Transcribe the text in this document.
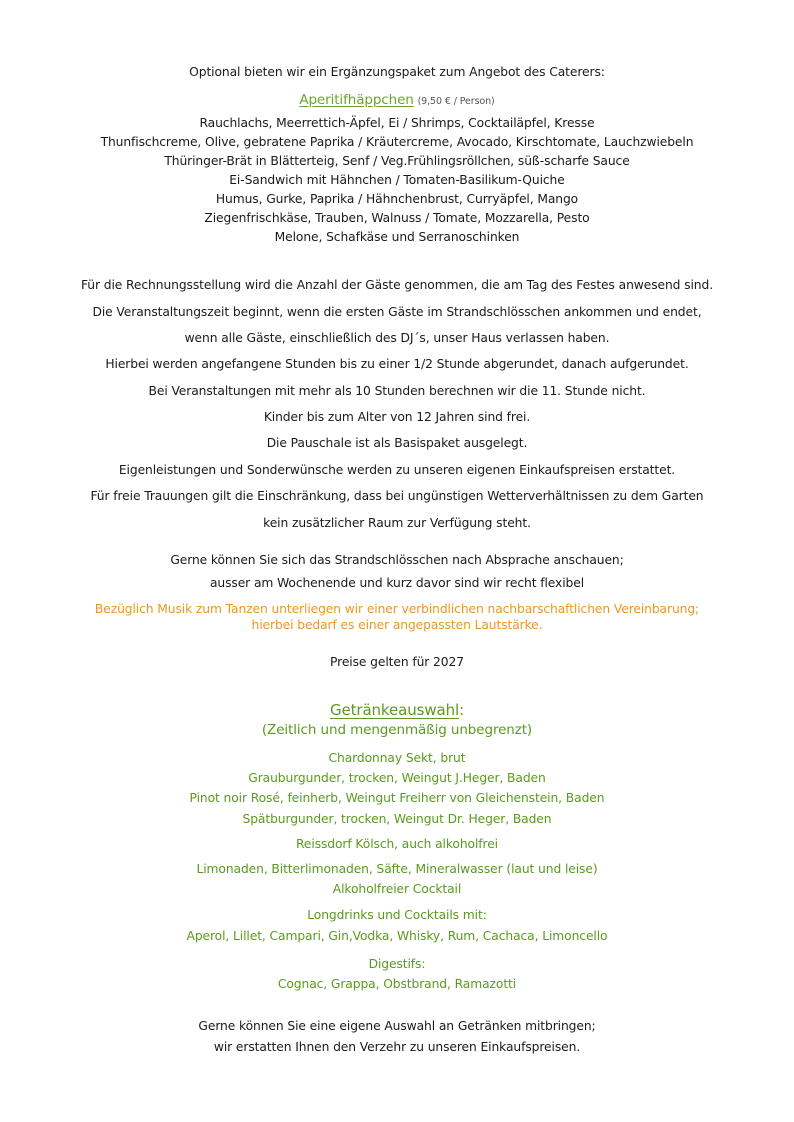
Optional bieten wir ein Ergänzungspaket zum Angebot des Caterers:
Aperitifhäppchen (9,50 € / Person)
Rauchlachs, Meerrettich-Äpfel, Ei / Shrimps, Cocktailäpfel, Kresse
Thunfischcreme, Olive, gebratene Paprika / Kräutercreme, Avocado, Kirschtomate, Lauchzwiebeln
Thüringer-Brät in Blätterteig, Senf / Veg.Frühlingsröllchen, süß-scharfe Sauce
Ei-Sandwich mit Hähnchen / Tomaten-Basilikum-Quiche
Humus, Gurke, Paprika / Hähnchenbrust, Curryäpfel, Mango
Ziegenfrischkäse, Trauben, Walnuss / Tomate, Mozzarella, Pesto
Melone, Schafkäse und Serranoschinken
Für die Rechnungsstellung wird die Anzahl der Gäste genommen, die am Tag des Festes anwesend sind.
Die Veranstaltungszeit beginnt, wenn die ersten Gäste im Strandschlösschen ankommen und endet,
wenn alle Gäste, einschließlich des DJ´s, unser Haus verlassen haben.
Hierbei werden angefangene Stunden bis zu einer 1/2 Stunde abgerundet, danach aufgerundet.
Bei Veranstaltungen mit mehr als 10 Stunden berechnen wir die 11. Stunde nicht.
Kinder bis zum Alter von 12 Jahren sind frei.
Die Pauschale ist als Basispaket ausgelegt.
Eigenleistungen und Sonderwünsche werden zu unseren eigenen Einkaufspreisen erstattet.
Für freie Trauungen gilt die Einschränkung, dass bei ungünstigen Wetterverhältnissen zu dem Garten
kein zusätzlicher Raum zur Verfügung steht.
Gerne können Sie sich das Strandschlösschen nach Absprache anschauen;
ausser am Wochenende und kurz davor sind wir recht flexibel
Bezüglich Musik zum Tanzen unterliegen wir einer verbindlichen nachbarschaftlichen Vereinbarung;
hierbei bedarf es einer angepassten Lautstärke.
Preise gelten für 2027
Getränkeauswahl:
(Zeitlich und mengenmäßig unbegrenzt)
Chardonnay Sekt, brut
Grauburgunder, trocken, Weingut J.Heger, Baden
Pinot noir Rosé, feinherb, Weingut Freiherr von Gleichenstein, Baden
Spätburgunder, trocken, Weingut Dr. Heger, Baden
Reissdorf Kölsch, auch alkoholfrei
Limonaden, Bitterlimonaden, Säfte, Mineralwasser (laut und leise)
Alkoholfreier Cocktail
Longdrinks und Cocktails mit:
Aperol, Lillet, Campari, Gin,Vodka, Whisky, Rum, Cachaca, Limoncello
Digestifs:
Cognac, Grappa, Obstbrand, Ramazotti
Gerne können Sie eine eigene Auswahl an Getränken mitbringen;
wir erstatten Ihnen den Verzehr zu unseren Einkaufspreisen.
